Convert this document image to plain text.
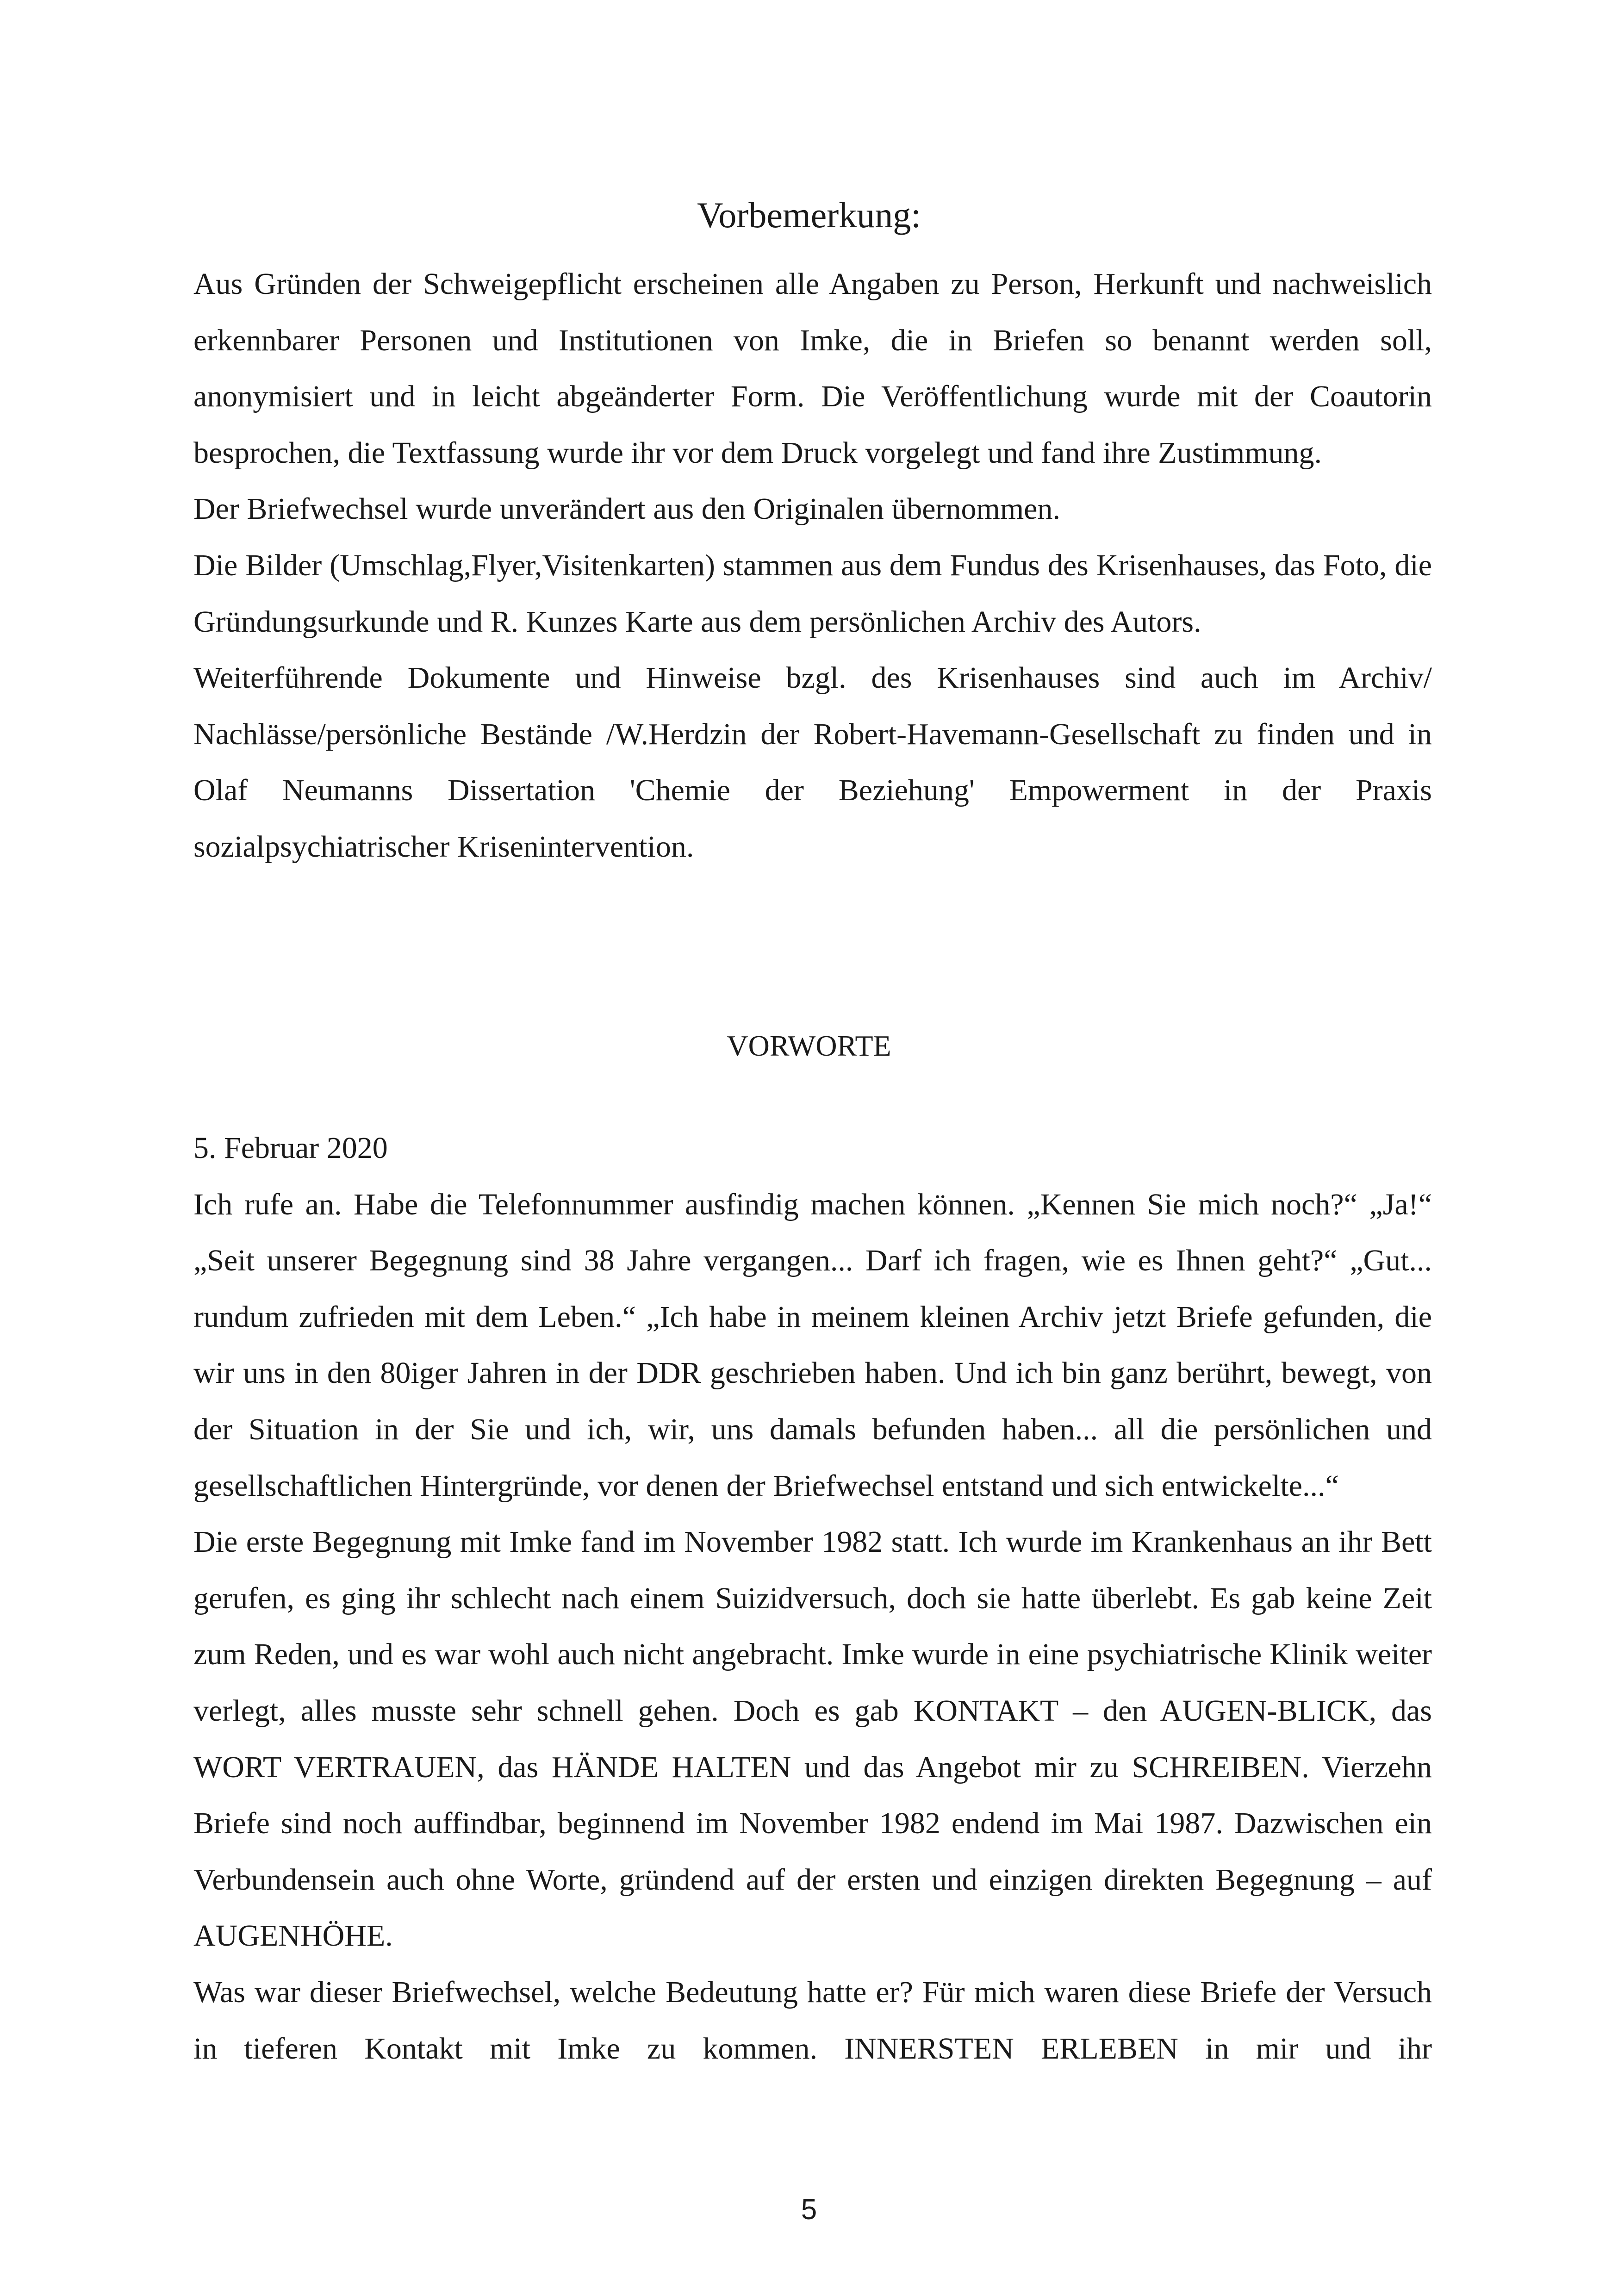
Vorbemerkung:

Aus Gründen der Schweigepflicht erscheinen alle Angaben zu Person, Herkunft und nachweislich erkennbarer Personen und Institutionen von Imke, die in Briefen so benannt werden soll, anonymisiert und in leicht abgeänderter Form. Die Veröffentlichung wurde mit der Coautorin besprochen, die Textfassung wurde ihr vor dem Druck vorgelegt und fand ihre Zustimmung.

Der Briefwechsel wurde unverändert aus den Originalen übernommen.

Die Bilder (Umschlag,Flyer,Visitenkarten) stammen aus dem Fundus des Krisenhauses, das Foto, die Gründungsurkunde und R. Kunzes Karte aus dem persönlichen Archiv des Autors.

Weiterführende Dokumente und Hinweise bzgl. des Krisenhauses sind auch im Archiv/ Nachlässe/persönliche Bestände /W.Herdzin der Robert-Havemann-Gesellschaft zu finden und in Olaf Neumanns Dissertation 'Chemie der Beziehung' Empowerment in der Praxis sozialpsychiatrischer Krisenintervention.

VORWORTE

5. Februar 2020

Ich rufe an. Habe die Telefonnummer ausfindig machen können. „Kennen Sie mich noch?“ „Ja!“ „Seit unserer Begegnung sind 38 Jahre vergangen... Darf ich fragen, wie es Ihnen geht?“ „Gut... rundum zufrieden mit dem Leben.“ „Ich habe in meinem kleinen Archiv jetzt Briefe gefunden, die wir uns in den 80iger Jahren in der DDR geschrieben haben. Und ich bin ganz berührt, bewegt, von der Situation in der Sie und ich, wir, uns damals befunden haben... all die persönlichen und gesellschaftlichen Hintergründe, vor denen der Briefwechsel entstand und sich entwickelte...“

Die erste Begegnung mit Imke fand im November 1982 statt. Ich wurde im Krankenhaus an ihr Bett gerufen, es ging ihr schlecht nach einem Suizidversuch, doch sie hatte überlebt. Es gab keine Zeit zum Reden, und es war wohl auch nicht angebracht. Imke wurde in eine psychiatrische Klinik weiter verlegt, alles musste sehr schnell gehen. Doch es gab KONTAKT – den AUGEN-BLICK, das WORT VERTRAUEN, das HÄNDE HALTEN und das Angebot mir zu SCHREIBEN. Vierzehn Briefe sind noch auffindbar, beginnend im November 1982 endend im Mai 1987. Dazwischen ein Verbundensein auch ohne Worte, gründend auf der ersten und einzigen direkten Begegnung – auf AUGENHÖHE.

Was war dieser Briefwechsel, welche Bedeutung hatte er? Für mich waren diese Briefe der Versuch in tieferen Kontakt mit Imke zu kommen. INNERSTEN ERLEBEN in mir und ihr

5
